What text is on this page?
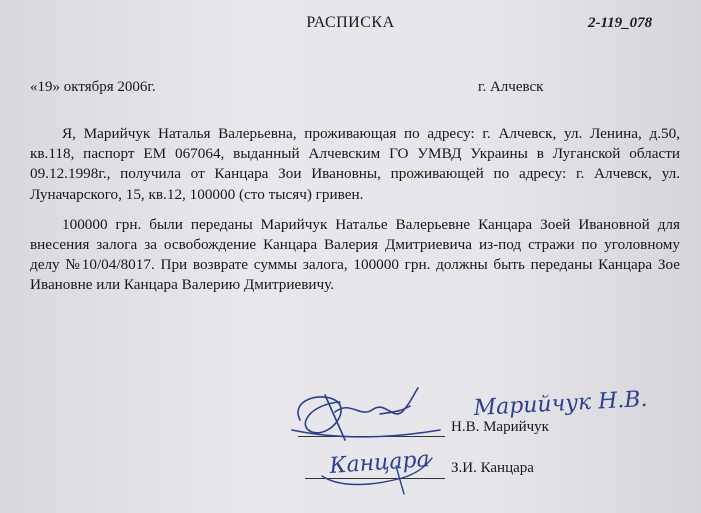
РАСПИСКА	2-119_078
«19» октября 2006г.	г. Алчевск

Я, Марийчук Наталья Валерьевна, проживающая по адресу: г. Алчевск, ул. Ленина, д.50, кв.118, паспорт ЕМ 067064, выданный Алчевским ГО УМВД Украины в Луганской области 09.12.1998г., получила от Канцара Зои Ивановны, проживающей по адресу: г. Алчевск, ул. Луначарского, 15, кв.12, 100000 (сто тысяч) гривен.

100000 грн. были переданы Марийчук Наталье Валерьевне Канцара Зоей Ивановной для внесения залога за освобождение Канцара Валерия Дмитриевича из-под стражи по уголовному делу №10/04/8017. При возврате суммы залога, 100000 грн. должны быть переданы Канцара Зое Ивановне или Канцара Валерию Дмитриевичу.

Н.В. Марийчук
З.И. Канцара
Марийчук Н.В.
Канцара
